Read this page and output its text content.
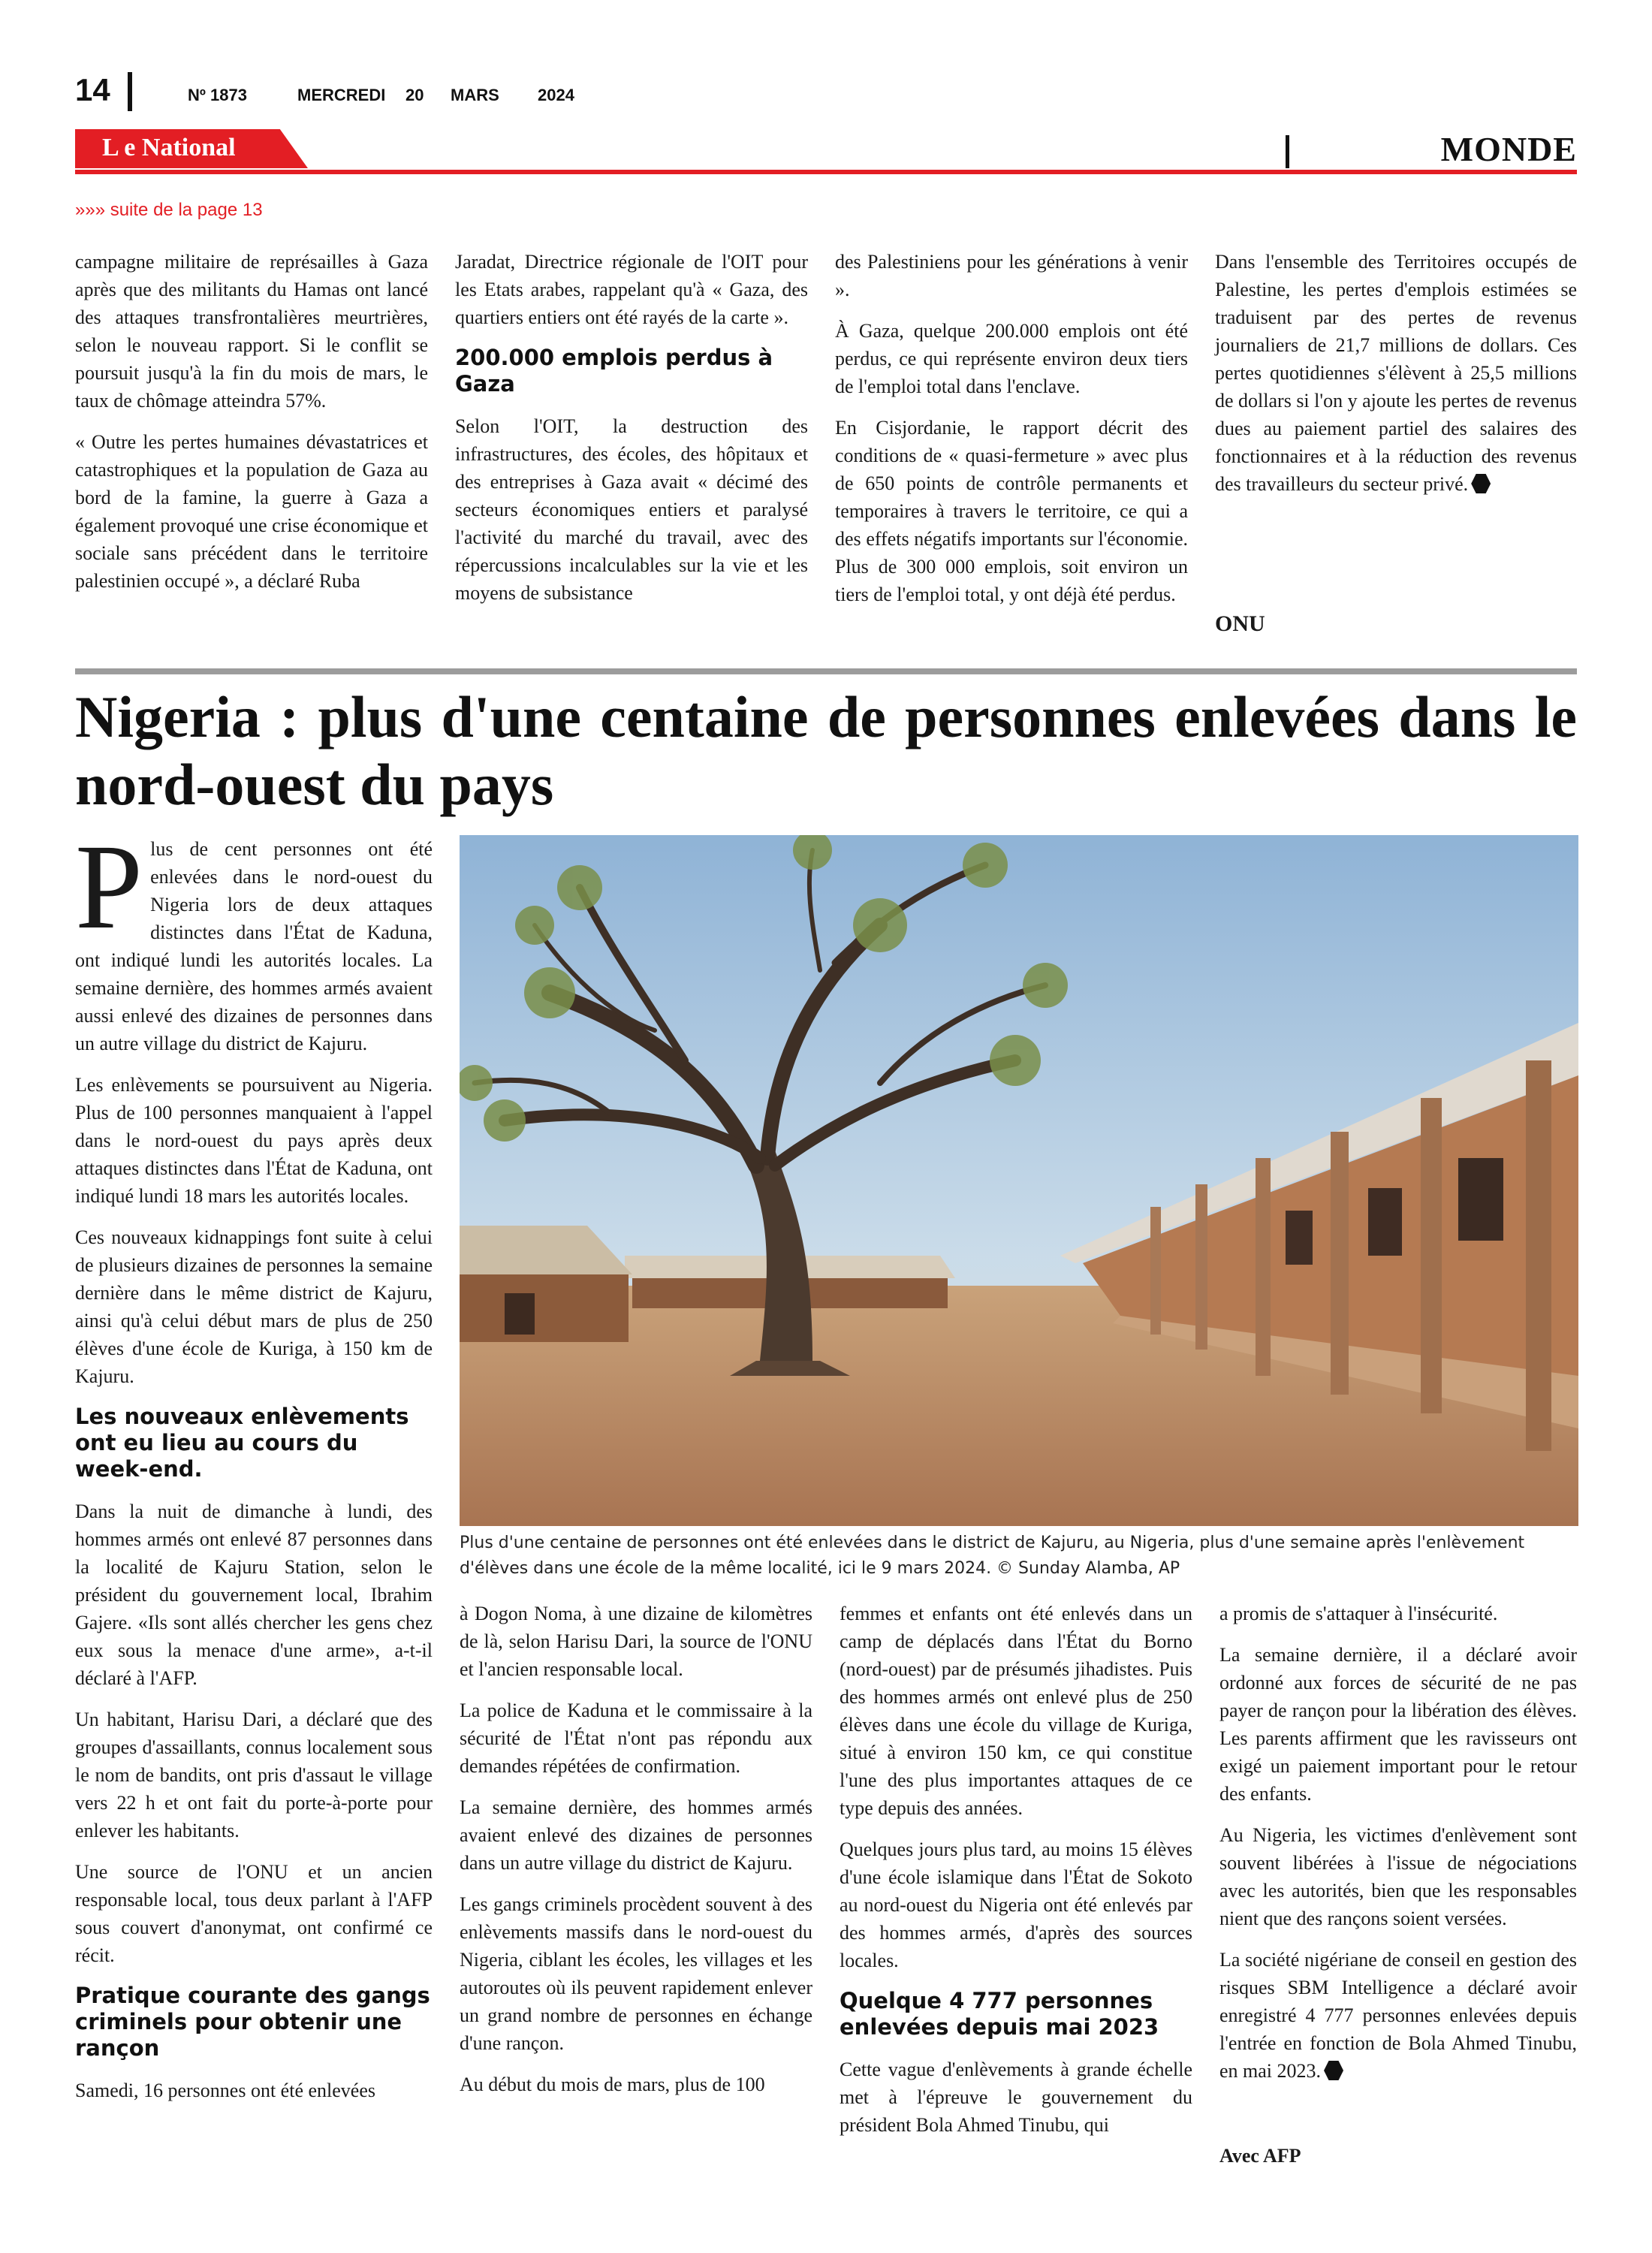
14	Nº 1873	MERCREDI 20 MARS 2024
L e National	MONDE
»»» suite de la page 13

campagne militaire de représailles à Gaza après que des militants du Hamas ont lancé des attaques transfrontalières meurtrières, selon le nouveau rapport. Si le conflit se poursuit jusqu'à la fin du mois de mars, le taux de chômage atteindra 57%.

« Outre les pertes humaines dévastatrices et catastrophiques et la population de Gaza au bord de la famine, la guerre à Gaza a également provoqué une crise économique et sociale sans précédent dans le territoire palestinien occupé », a déclaré Ruba

Jaradat, Directrice régionale de l'OIT pour les Etats arabes, rappelant qu'à « Gaza, des quartiers entiers ont été rayés de la carte ».

200.000 emplois perdus à Gaza

Selon l'OIT, la destruction des infrastructures, des écoles, des hôpitaux et des entreprises à Gaza avait « décimé des secteurs économiques entiers et paralysé l'activité du marché du travail, avec des répercussions incalculables sur la vie et les moyens de subsistance

des Palestiniens pour les générations à venir ».

À Gaza, quelque 200.000 emplois ont été perdus, ce qui représente environ deux tiers de l'emploi total dans l'enclave.

En Cisjordanie, le rapport décrit des conditions de « quasi-fermeture » avec plus de 650 points de contrôle permanents et temporaires à travers le territoire, ce qui a des effets négatifs importants sur l'économie. Plus de 300 000 emplois, soit environ un tiers de l'emploi total, y ont déjà été perdus.

Dans l'ensemble des Territoires occupés de Palestine, les pertes d'emplois estimées se traduisent par des pertes de revenus journaliers de 21,7 millions de dollars. Ces pertes quotidiennes s'élèvent à 25,5 millions de dollars si l'on y ajoute les pertes de revenus dues au paiement partiel des salaires des fonctionnaires et à la réduction des revenus des travailleurs du secteur privé.

ONU
Nigeria : plus d'une centaine de personnes enlevées dans le nord-ouest du pays

Plus de cent personnes ont été enlevées dans le nord-ouest du Nigeria lors de deux attaques distinctes dans l'État de Kaduna, ont indiqué lundi les autorités locales. La semaine dernière, des hommes armés avaient aussi enlevé des dizaines de personnes dans un autre village du district de Kajuru.

Les enlèvements se poursuivent au Nigeria. Plus de 100 personnes manquaient à l'appel dans le nord-ouest du pays après deux attaques distinctes dans l'État de Kaduna, ont indiqué lundi 18 mars les autorités locales.

Ces nouveaux kidnappings font suite à celui de plusieurs dizaines de personnes la semaine dernière dans le même district de Kajuru, ainsi qu'à celui début mars de plus de 250 élèves d'une école de Kuriga, à 150 km de Kajuru.

Les nouveaux enlèvements ont eu lieu au cours du week-end.

Dans la nuit de dimanche à lundi, des hommes armés ont enlevé 87 personnes dans la localité de Kajuru Station, selon le président du gouvernement local, Ibrahim Gajere. «Ils sont allés chercher les gens chez eux sous la menace d'une arme», a-t-il déclaré à l'AFP.

Un habitant, Harisu Dari, a déclaré que des groupes d'assaillants, connus localement sous le nom de bandits, ont pris d'assaut le village vers 22 h et ont fait du porte-à-porte pour enlever les habitants.

Une source de l'ONU et un ancien responsable local, tous deux parlant à l'AFP sous couvert d'anonymat, ont confirmé ce récit.

Pratique courante des gangs criminels pour obtenir une rançon

Samedi, 16 personnes ont été enlevées

Plus d'une centaine de personnes ont été enlevées dans le district de Kajuru, au Nigeria, plus d'une semaine après l'enlèvement d'élèves dans une école de la même localité, ici le 9 mars 2024. © Sunday Alamba, AP

à Dogon Noma, à une dizaine de kilomètres de là, selon Harisu Dari, la source de l'ONU et l'ancien responsable local.

La police de Kaduna et le commissaire à la sécurité de l'État n'ont pas répondu aux demandes répétées de confirmation.

La semaine dernière, des hommes armés avaient enlevé des dizaines de personnes dans un autre village du district de Kajuru.

Les gangs criminels procèdent souvent à des enlèvements massifs dans le nord-ouest du Nigeria, ciblant les écoles, les villages et les autoroutes où ils peuvent rapidement enlever un grand nombre de personnes en échange d'une rançon.

Au début du mois de mars, plus de 100

femmes et enfants ont été enlevés dans un camp de déplacés dans l'État du Borno (nord-ouest) par de présumés jihadistes. Puis des hommes armés ont enlevé plus de 250 élèves dans une école du village de Kuriga, situé à environ 150 km, ce qui constitue l'une des plus importantes attaques de ce type depuis des années.

Quelques jours plus tard, au moins 15 élèves d'une école islamique dans l'État de Sokoto au nord-ouest du Nigeria ont été enlevés par des hommes armés, d'après des sources locales.

Quelque 4 777 personnes enlevées depuis mai 2023

Cette vague d'enlèvements à grande échelle met à l'épreuve le gouvernement du président Bola Ahmed Tinubu, qui

a promis de s'attaquer à l'insécurité.

La semaine dernière, il a déclaré avoir ordonné aux forces de sécurité de ne pas payer de rançon pour la libération des élèves. Les parents affirment que les ravisseurs ont exigé un paiement important pour le retour des enfants.

Au Nigeria, les victimes d'enlèvement sont souvent libérées à l'issue de négociations avec les autorités, bien que les responsables nient que des rançons soient versées.

La société nigériane de conseil en gestion des risques SBM Intelligence a déclaré avoir enregistré 4 777 personnes enlevées depuis l'entrée en fonction de Bola Ahmed Tinubu, en mai 2023.

Avec AFP
